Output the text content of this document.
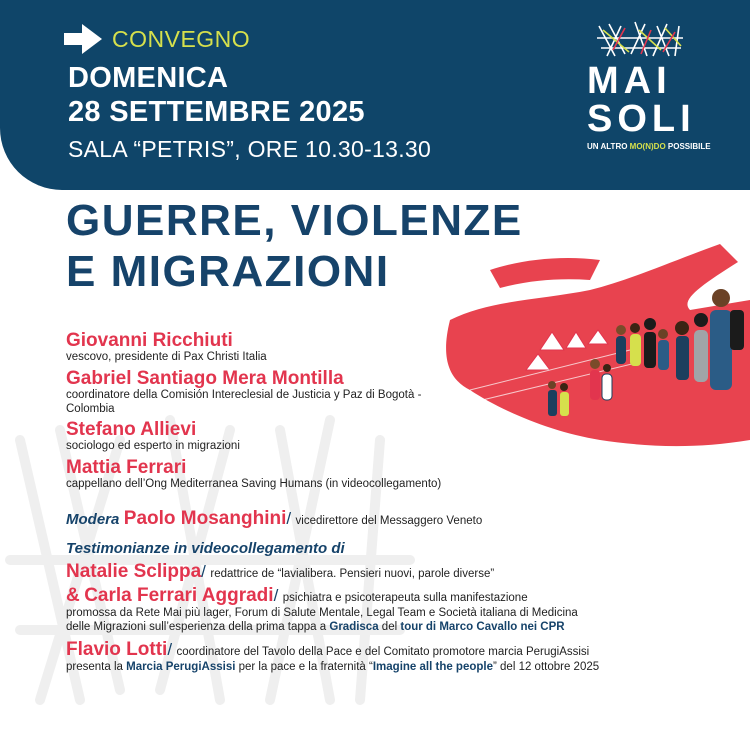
CONVEGNO
DOMENICA
28 SETTEMBRE 2025
SALA “PETRIS”, ORE 10.30-13.30
MAI
SOLI
UN ALTRO MO(N)DO POSSIBILE
GUERRE, VIOLENZE
E MIGRAZIONI
Giovanni Ricchiuti
vescovo, presidente di Pax Christi Italia
Gabriel Santiago Mera Montilla
coordinatore della Comisión Intereclesial de Justicia y Paz di Bogotà - Colombia
Stefano Allievi
sociologo ed esperto in migrazioni
Mattia Ferrari
cappellano dell’Ong Mediterranea Saving Humans (in videocollegamento)
Modera Paolo Mosanghini/ vicedirettore del Messaggero Veneto
Testimonianze in videocollegamento di
Natalie Sclippa/ redattrice de “lavialibera. Pensieri nuovi, parole diverse”
& Carla Ferrari Aggradi/ psichiatra e psicoterapeuta sulla manifestazione
promossa da Rete Mai più lager, Forum di Salute Mentale, Legal Team e Società italiana di Medicina
delle Migrazioni sull’esperienza della prima tappa a Gradisca del tour di Marco Cavallo nei CPR
Flavio Lotti/ coordinatore del Tavolo della Pace e del Comitato promotore marcia PerugiAssisi
presenta la Marcia PerugiAssisi per la pace e la fraternità “Imagine all the people” del 12 ottobre 2025
